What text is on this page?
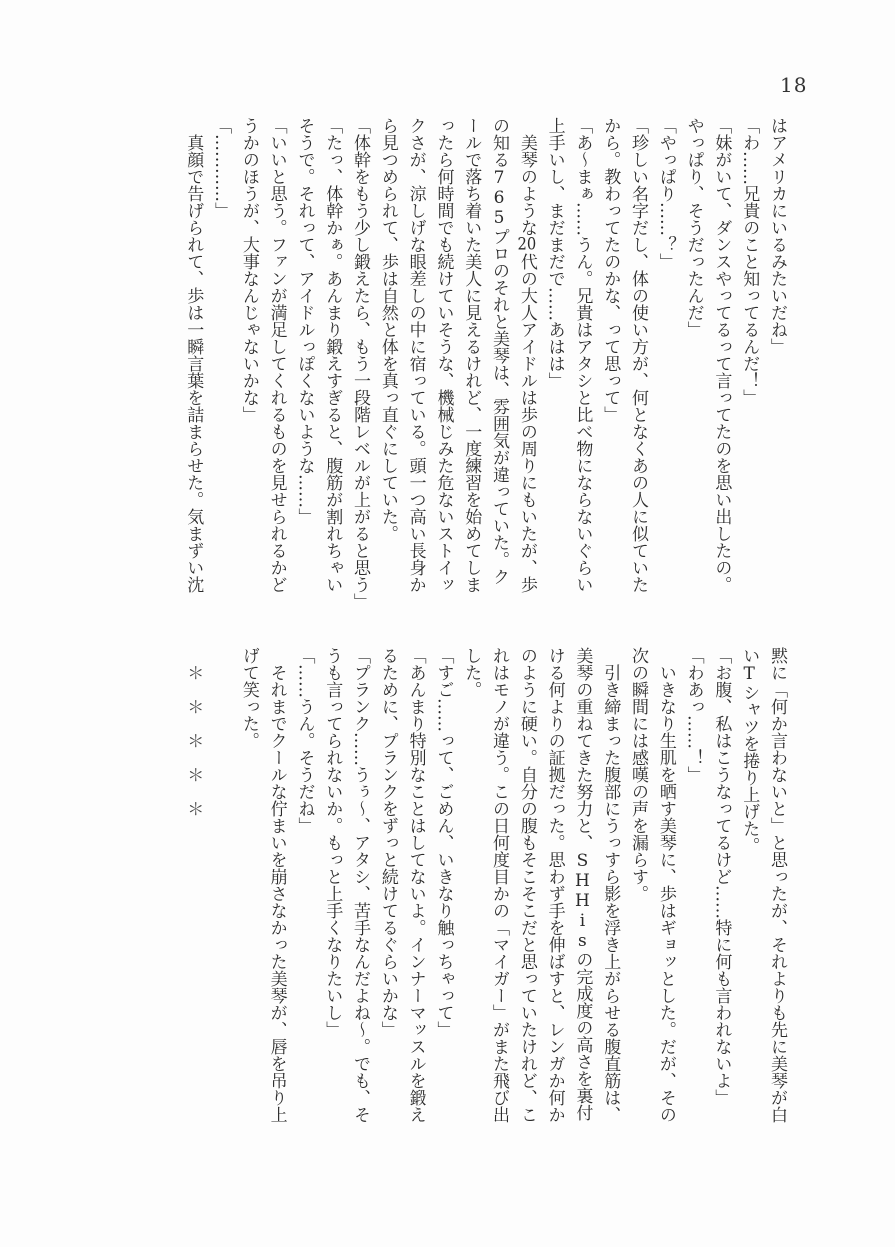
18

はアメリカにいるみたいだね」

「わ……兄貴のこと知ってるんだ！」

「妹がいて、ダンスやってるって言ってたのを思い出したの。やっぱり、そうだったんだ」

「やっぱり……？」

「珍しい名字だし、体の使い方が、何となくあの人に似ていたから。教わってたのかな、って思って」

「あ〜まぁ……うん。兄貴はアタシと比べ物にならないぐらい上手いし、まだまだで……あはは」

　美琴のような20代の大人アイドルは歩の周りにもいたが、歩の知る765プロのそれと美琴は、雰囲気が違っていた。クールで落ち着いた美人に見えるけれど、一度練習を始めてしまったら何時間でも続けていそうな、機械じみた危ないストイックさが、涼しげな眼差しの中に宿っている。頭一つ高い長身から見つめられて、歩は自然と体を真っ直ぐにしていた。

「体幹をもう少し鍛えたら、もう一段階レベルが上がると思う」

「たっ、体幹かぁ。あんまり鍛えすぎると、腹筋が割れちゃいそうで。それって、アイドルっぽくないような……」

「いいと思う。ファンが満足してくれるものを見せられるかどうかのほうが、大事なんじゃないかな」

「…………」

　真顔で告げられて、歩は一瞬言葉を詰まらせた。気まずい沈

黙に「何か言わないと」と思ったが、それよりも先に美琴が白いTシャツを捲り上げた。

「お腹、私はこうなってるけど……特に何も言われないよ」

「わあっ……！」

　いきなり生肌を晒す美琴に、歩はギョッとした。だが、その次の瞬間には感嘆の声を漏らす。

　引き締まった腹部にうっすら影を浮き上がらせる腹直筋は、美琴の重ねてきた努力と、SHHisの完成度の高さを裏付ける何よりの証拠だった。思わず手を伸ばすと、レンガか何かのように硬い。自分の腹もそこそこだと思っていたけれど、これはモノが違う。この日何度目かの「マイガー」がまた飛び出した。

「すご……って、ごめん、いきなり触っちゃって」

「あんまり特別なことはしてないよ。インナーマッスルを鍛えるために、プランクをずっと続けてるぐらいかな」

「プランク……うぅ〜、アタシ、苦手なんだよね〜。でも、そうも言ってられないか。もっと上手くなりたいし」

「……うん。そうだね」

　それまでクールな佇まいを崩さなかった美琴が、唇を吊り上げて笑った。

　＊　＊　＊　＊　＊
